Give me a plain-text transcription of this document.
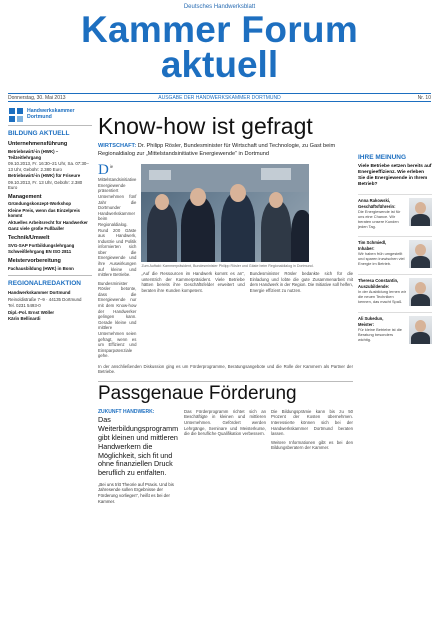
Deutsches Handwerksblatt
Kammer Forum
aktuell
Donnerstag, 30. Mai 2013	AUSGABE DER HANDWERKSKAMMER DORTMUND	Nr. 10
Handwerkskammer
Dortmund
BILDUNG AKTUELL
Unternehmensführung
Betriebswirt/-in (HWK) – Teilzeitlehrgang
09.10.2013, Fr. 16:30–21 Uhr, Sa. 07:30–13 Uhr, Gebühr: 2.380 Euro
Betriebswirt/-in (HWK) für Friseure
09.10.2013, Fr. 13 Uhr, Gebühr: 2.380 Euro
Management
Gründungskonzept-Workshop
Kleine Preis, wenn das Einzelpreis kommt
Aktuelles Arbeitsrecht für Handwerker
Ganz viele große Fußballer
Technik/Umwelt
SVG-SAP Fortbildungslehrgang
Schweißlehrgang EN ISO 2811
Meistervorbereitung
Fachausbildung (HWK) in Bonn
REGIONALREDAKTION
Handwerkskammer Dortmund
Reinoldistraße 7–9 · 44135 Dortmund
Tel. 0231 5493-0
Dipl.-Pol. Ernst Wöller
Kärin Bellinardi
Know-how ist gefragt
WIRTSCHAFT: Dr. Philipp Rösler, Bundesminister für Wirtschaft und Technologie, zu Gast beim Regionaldialog zur „Mittelstandsinitiative Energiewende“ in Dortmund

Die Mittelstandsinitiative Energiewende präsentiert Unternehmen fünf Jahr die Dortmunder Handwerkskammer beim Regionaldialog. Rund 200 Gäste aus Handwerk, Industrie und Politik informierten sich über die Energiewende und ihre Auswirkungen auf kleine und mittlere Betriebe.

Bundesminister Rösler betonte, dass die Energiewende nur mit dem Know-how der Handwerker gelingen kann. Gerade kleine und mittlere Unternehmen seien gefragt, wenn es um Effizienz und Einsparpotenziale gehe.

Zum Auftakt: Kammerpräsident, Bundesminister Philipp Rösler und Gäste beim Regionaldialog in Dortmund.
„Auf die Ressourcen im Handwerk kommt es an“, unterstrich der Kammerpräsident. Viele Betriebe hätten bereits ihre Geschäftsfelder erweitert und beraten ihre Kunden kompetent.
Bundesminister Rösler bedankte sich für die Einladung und lobte die gute Zusammenarbeit mit dem Handwerk in der Region. Die Initiative soll helfen, Energie effizient zu nutzen.
In der anschließenden Diskussion ging es um Förderprogramme, Beratungsangebote und die Rolle der Kammern als Partner der Betriebe.
Passgenaue Förderung
ZUKUNFT HANDWERK:
Das Weiterbildungsprogramm gibt kleinen und mittleren Handwerkern die Möglichkeit, sich fit und ohne finanziellen Druck beruflich zu entfalten.
„Bei uns tritt Theorie auf Praxis. Und bis Jahresende sollen Ergebnisse der Förderung vorliegen“, heißt es bei der Kammer.
Das Förderprogramm richtet sich an Beschäftigte in kleinen und mittleren Unternehmen. Gefördert werden Lehrgänge, Seminare und Meisterkurse, die die berufliche Qualifikation verbessern.

Die Bildungsprämie kann bis zu 50 Prozent der Kosten übernehmen. Interessierte können sich bei der Handwerkskammer Dortmund beraten lassen.

Weitere Informationen gibt es bei den Bildungsberatern der Kammer.

IHRE MEINUNG
Viele Betriebe setzen bereits auf Energieeffizienz. Wie erleben Sie die Energiewende in Ihrem Betrieb?
Anna Rakowski,
Geschäftsführerin:
Die Energiewende ist für uns eine Chance. Wir beraten unsere Kunden jeden Tag.
Tim Schmiedl,
Inhaber:
Wir haben früh umgestellt und sparen inzwischen viel Energie im Betrieb.
Theresa Constantin,
Auszubildende:
In der Ausbildung lernen wir die neuen Techniken kennen, das macht Spaß.
Ali Sukedun,
Meister:
Für kleine Betriebe ist die Beratung besonders wichtig.
